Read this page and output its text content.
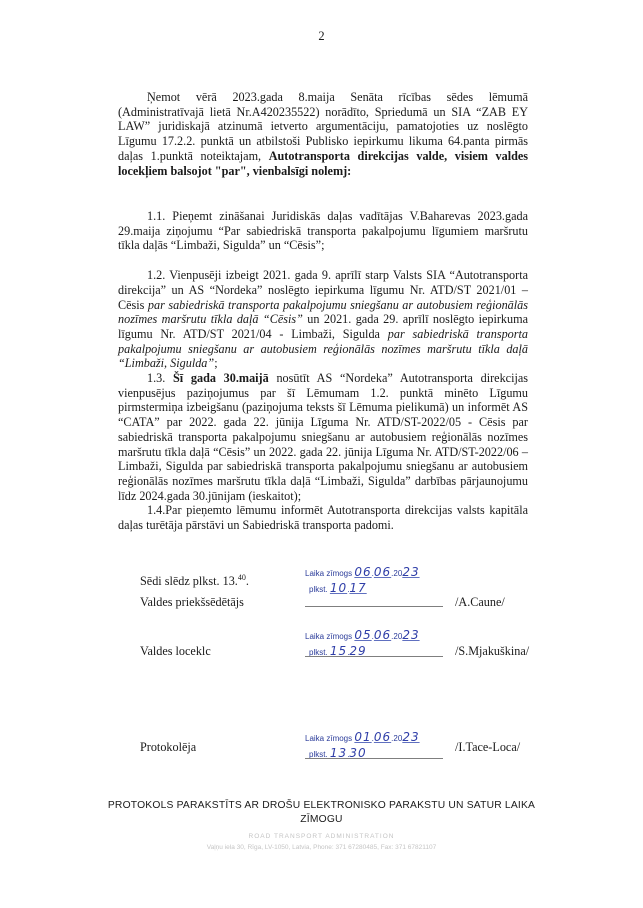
2

Ņemot vērā 2023.gada 8.maija Senāta rīcības sēdes lēmumā (Administratīvajā lietā Nr.A420235522) norādīto, Spriedumā un SIA “ZAB EY LAW” juridiskajā atzinumā ietverto argumentāciju, pamatojoties uz noslēgto Līgumu 17.2.2. punktā un atbilstoši Publisko iepirkumu likuma 64.panta pirmās daļas 1.punktā noteiktajam, Autotransporta direkcijas valde, visiem valdes locekļiem balsojot "par", vienbalsīgi nolemj:

1.1. Pieņemt zināšanai Juridiskās daļas vadītājas V.Baharevas 2023.gada 29.maija ziņojumu “Par sabiedriskā transporta pakalpojumu līgumiem maršrutu tīkla daļās “Limbaži, Sigulda” un “Cēsis”;

1.2. Vienpusēji izbeigt 2021. gada 9. aprīlī starp Valsts SIA “Autotransporta direkcija” un AS “Nordeka” noslēgto iepirkuma līgumu Nr. ATD/ST 2021/01 – Cēsis par sabiedriskā transporta pakalpojumu sniegšanu ar autobusiem reģionālās nozīmes maršrutu tīkla daļā “Cēsis” un 2021. gada 29. aprīlī noslēgto iepirkuma līgumu Nr. ATD/ST 2021/04 - Limbaži, Sigulda par sabiedriskā transporta pakalpojumu sniegšanu ar autobusiem reģionālās nozīmes maršrutu tīkla daļā “Limbaži, Sigulda”;

1.3. Šī gada 30.maijā nosūtīt AS “Nordeka” Autotransporta direkcijas vienpusējus paziņojumus par šī Lēmumam 1.2. punktā minēto Līgumu pirmstermiņa izbeigšanu (paziņojuma teksts šī Lēmuma pielikumā) un informēt AS “CATA” par 2022. gada 22. jūnija Līguma Nr. ATD/ST-2022/05 - Cēsis par sabiedriskā transporta pakalpojumu sniegšanu ar autobusiem reģionālās nozīmes maršrutu tīkla daļā “Cēsis” un 2022. gada 22. jūnija Līguma Nr. ATD/ST-2022/06 – Limbaži, Sigulda par sabiedriskā transporta pakalpojumu sniegšanu ar autobusiem reģionālās nozīmes maršrutu tīkla daļā “Limbaži, Sigulda” darbības pārjaunojumu līdz 2024.gada 30.jūnijam (ieskaitot);

1.4.Par pieņemto lēmumu informēt Autotransporta direkcijas valsts kapitāla daļas turētāja pārstāvi un Sabiedriskā transporta padomi.

Sēdi slēdz plkst. 13.40.
Laika zīmogs 06.06.2023
plkst. 10.17
Valdes priekšsēdētājs	/A.Caune/
Laika zīmogs 05.06.2023
plkst. 15.29
Valdes loceklc	/S.Mjakuškina/
Laika zīmogs 01.06.2023
plkst. 13.30
Protokolēja	/I.Tace-Loca/
PROTOKOLS PARAKSTĪTS AR DROŠU ELEKTRONISKO PARAKSTU UN SATUR LAIKA
ZĪMOGU
ROAD TRANSPORT ADMINISTRATION
Vaļņu iela 30, Rīga, LV-1050, Latvia, Phone: 371 67280485, Fax: 371 67821107
